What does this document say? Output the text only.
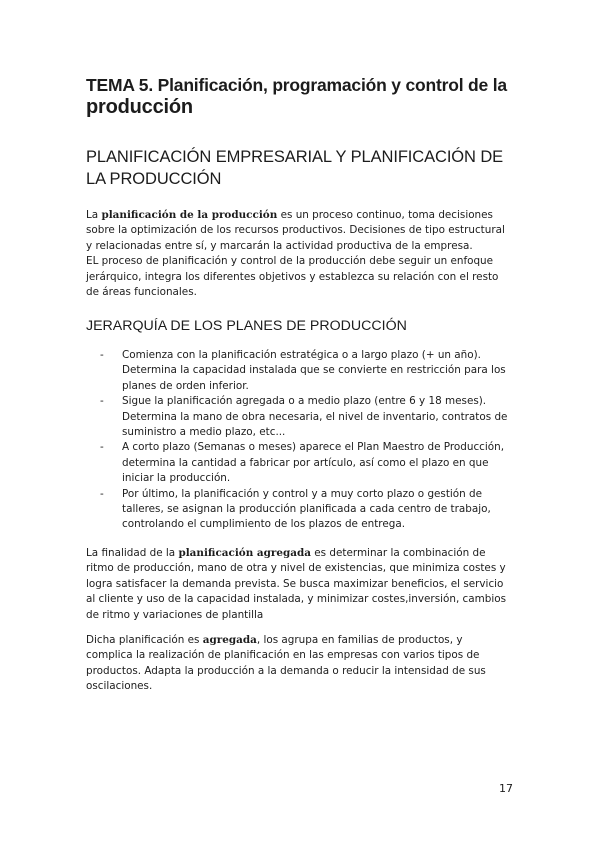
TEMA 5. Planificación, programación y control de la
producción
PLANIFICACIÓN EMPRESARIAL Y PLANIFICACIÓN DE LA PRODUCCIÓN

La planificación de la producción es un proceso continuo, toma decisiones sobre la optimización de los recursos productivos. Decisiones de tipo estructural y relacionadas entre sí, y marcarán la actividad productiva de la empresa.
EL proceso de planificación y control de la producción debe seguir un enfoque jerárquico, integra los diferentes objetivos y establezca su relación con el resto de áreas funcionales.

JERARQUÍA DE LOS PLANES DE PRODUCCIÓN
- Comienza con la planificación estratégica o a largo plazo (+ un año). Determina la capacidad instalada que se convierte en restricción para los planes de orden inferior.
- Sigue la planificación agregada o a medio plazo (entre 6 y 18 meses). Determina la mano de obra necesaria, el nivel de inventario, contratos de suministro a medio plazo, etc...
- A corto plazo (Semanas o meses) aparece el Plan Maestro de Producción, determina la cantidad a fabricar por artículo, así como el plazo en que iniciar la producción.
- Por último, la planificación y control y a muy corto plazo o gestión de talleres, se asignan la producción planificada a cada centro de trabajo, controlando el cumplimiento de los plazos de entrega.

La finalidad de la planificación agregada es determinar la combinación de ritmo de producción, mano de otra y nivel de existencias, que minimiza costes y logra satisfacer la demanda prevista. Se busca maximizar beneficios, el servicio al cliente y uso de la capacidad instalada, y minimizar costes,inversión, cambios de ritmo y variaciones de plantilla

Dicha planificación es agregada, los agrupa en familias de productos, y complica la realización de planificación en las empresas con varios tipos de productos. Adapta la producción a la demanda o reducir la intensidad de sus oscilaciones.

17
